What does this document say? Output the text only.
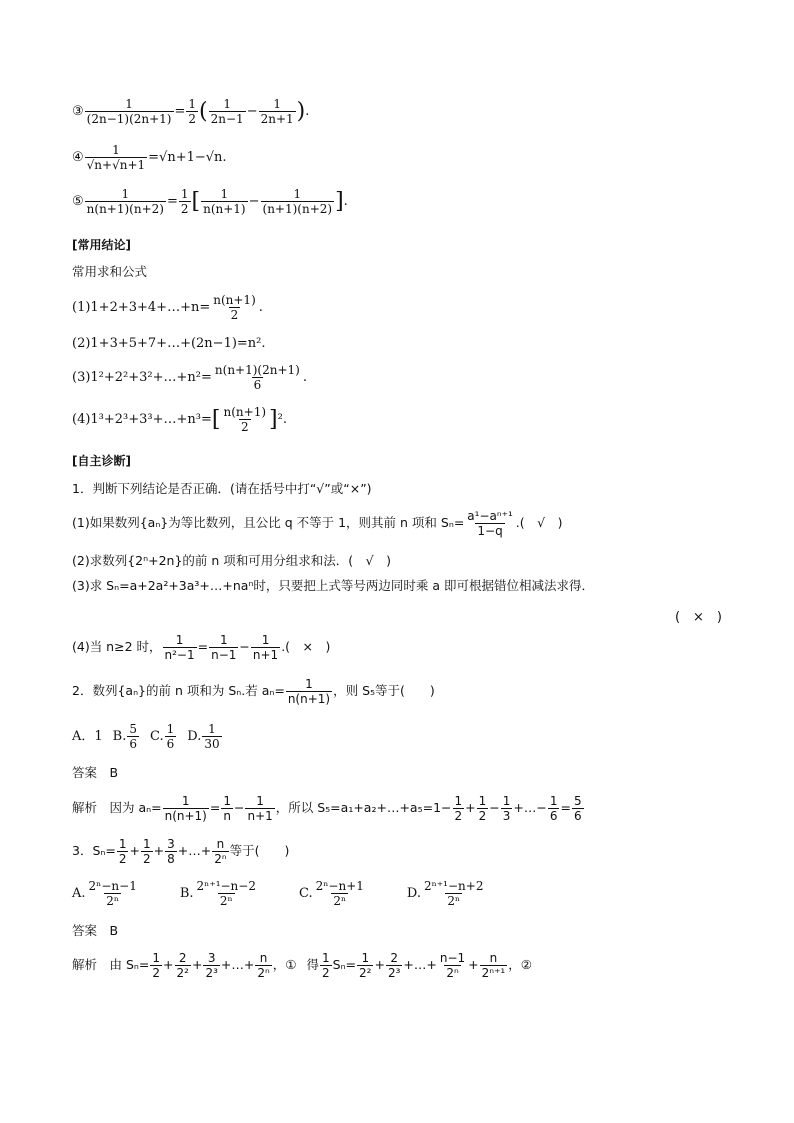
③ $\frac{1}{(2n-1)(2n+1)} = \frac{1}{2}$ ( $\frac{1}{2n-1} - \frac{1}{2n+1}$ ) .
④ $\frac{1}{√n+√n+1} =√n+1-√n$.
⑤ $\frac{1}{n(n+1)(n+2)} = \frac{1}{2}$ [ $\frac{1}{n(n+1)} - \frac{1}{(n+1)(n+2)}$ ] .
[常用结论]
常用求和公式
(1)1+2+3+4+…+n= $\frac{n(n+1)}{2}$ .
(2)1+3+5+7+…+(2n−1)=n².
(3)1²+2²+3²+…+n²= $\frac{n(n+1)(2n+1)}{6}$ .
(4)1³+2³+3³+…+n³= [ $\frac{n(n+1)}{2}$ ] ².
[自主诊断]
1．判断下列结论是否正确．(请在括号中打“√”或“×”)
(1)如果数列{aₙ}为等比数列，且公比 q 不等于 1，则其前 n 项和 $S_n= \frac{\text{a¹−aⁿ⁺¹}}{1-q}$ .(　√　)
(2)求数列{2ⁿ+2n}的前 n 项和可用分组求和法．(　√　)
(3)求 Sₙ=a+2a²+3a³+…+naⁿ时，只要把上式等号两边同时乘 a 即可根据错位相减法求得．
(　×　)
(4)当 n≥2 时， $\frac{1}{\text{n²−1}} = \frac{1}{n-1} - \frac{1}{n+1}$ .(　×　)
2．数列{aₙ}的前 n 项和为 Sₙ.若 $a_n= \frac{1}{n(n+1)}$ ，则 S₅等于(　　)
A．1 B. $\frac{5}{6} C$. $\frac{1}{6} D$. $\frac{1}{30}$
答案　B
解析　因为 $a_n= \frac{1}{n(n+1)} = \frac{1}{n} - \frac{1}{n+1}$ ，所以 S₅=a₁+a₂+…+a₅=1− $\frac{1}{2} + \frac{1}{2} - \frac{1}{3}$ +…− $\frac{1}{6} = \frac{5}{6}$
3．$S_n= \frac{1}{2} + \frac{1}{2} + \frac{3}{8}$ +…+ $\frac{n}{\text{2ⁿ}}$ 等于(　　)
A. $\frac{\text{2ⁿ−n−1}}{\text{2ⁿ}}$	B. $\frac{\text{2ⁿ⁺¹−n−2}}{\text{2ⁿ}}$	C. $\frac{\text{2ⁿ−n+1}}{\text{2ⁿ}}$	D. $\frac{\text{2ⁿ⁺¹−n+2}}{\text{2ⁿ}}$
答案　B
解析　由 $S_n= \frac{1}{2} + \frac{2}{\text{2²}} + \frac{3}{\text{2³}}$ +…+ $\frac{n}{\text{2ⁿ}}$ ，① 得 $\frac{1}{2} S_n= \frac{1}{\text{2²}} + \frac{2}{\text{2³}}$ +…+ $\frac{n-1}{\text{2ⁿ}} + \frac{n}{\text{2ⁿ⁺¹}}$ ，②
